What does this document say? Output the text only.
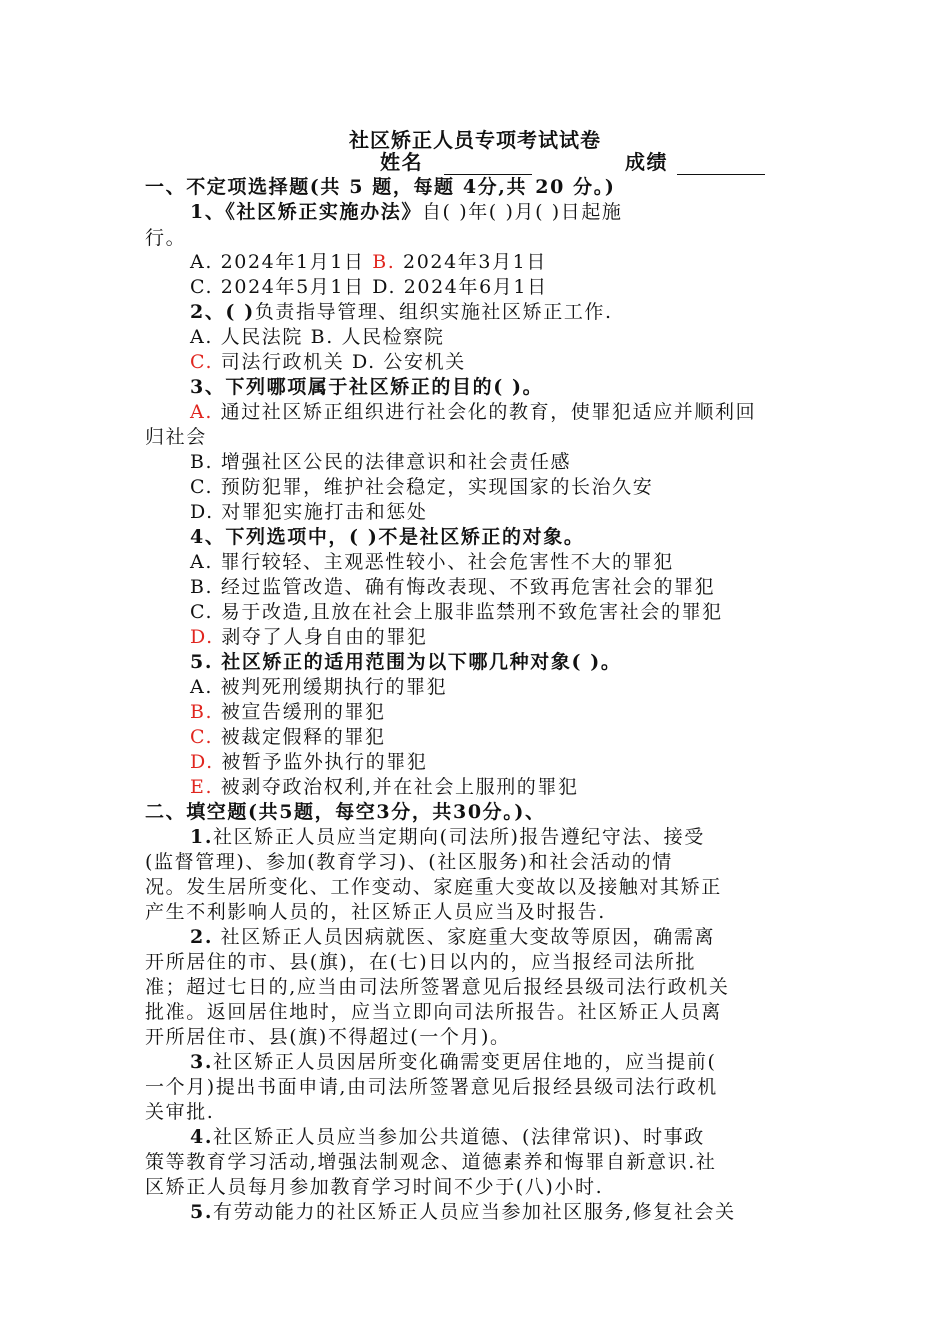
社区矫正人员专项考试试卷
姓名	成绩
一、不定项选择题(共 5 题，每题 4分,共 20 分。)
1、《社区矫正实施办法》自( )年( )月( )日起施
行。
A. 2024年1月1日 B. 2024年3月1日
C. 2024年5月1日 D. 2024年6月1日
2、( )负责指导管理、组织实施社区矫正工作.
A. 人民法院 B. 人民检察院
C. 司法行政机关 D. 公安机关
3、下列哪项属于社区矫正的目的( )。
A. 通过社区矫正组织进行社会化的教育，使罪犯适应并顺利回
归社会
B. 增强社区公民的法律意识和社会责任感
C. 预防犯罪，维护社会稳定，实现国家的长治久安
D. 对罪犯实施打击和惩处
4、下列选项中，( )不是社区矫正的对象。
A. 罪行较轻、主观恶性较小、社会危害性不大的罪犯
B. 经过监管改造、确有悔改表现、不致再危害社会的罪犯
C. 易于改造,且放在社会上服非监禁刑不致危害社会的罪犯
D. 剥夺了人身自由的罪犯
5. 社区矫正的适用范围为以下哪几种对象( )。
A. 被判死刑缓期执行的罪犯
B. 被宣告缓刑的罪犯
C. 被裁定假释的罪犯
D. 被暂予监外执行的罪犯
E. 被剥夺政治权利,并在社会上服刑的罪犯
二、填空题(共5题，每空3分，共30分。)、
1.社区矫正人员应当定期向(司法所)报告遵纪守法、接受
(监督管理)、参加(教育学习)、(社区服务)和社会活动的情
况。发生居所变化、工作变动、家庭重大变故以及接触对其矫正
产生不利影响人员的，社区矫正人员应当及时报告.
2. 社区矫正人员因病就医、家庭重大变故等原因，确需离
开所居住的市、县(旗)，在(七)日以内的，应当报经司法所批
准；超过七日的,应当由司法所签署意见后报经县级司法行政机关
批准。返回居住地时，应当立即向司法所报告。社区矫正人员离
开所居住市、县(旗)不得超过(一个月)。
3.社区矫正人员因居所变化确需变更居住地的，应当提前(
一个月)提出书面申请,由司法所签署意见后报经县级司法行政机
关审批.
4.社区矫正人员应当参加公共道德、(法律常识)、时事政
策等教育学习活动,增强法制观念、道德素养和悔罪自新意识.社
区矫正人员每月参加教育学习时间不少于(八)小时.
5.有劳动能力的社区矫正人员应当参加社区服务,修复社会关
